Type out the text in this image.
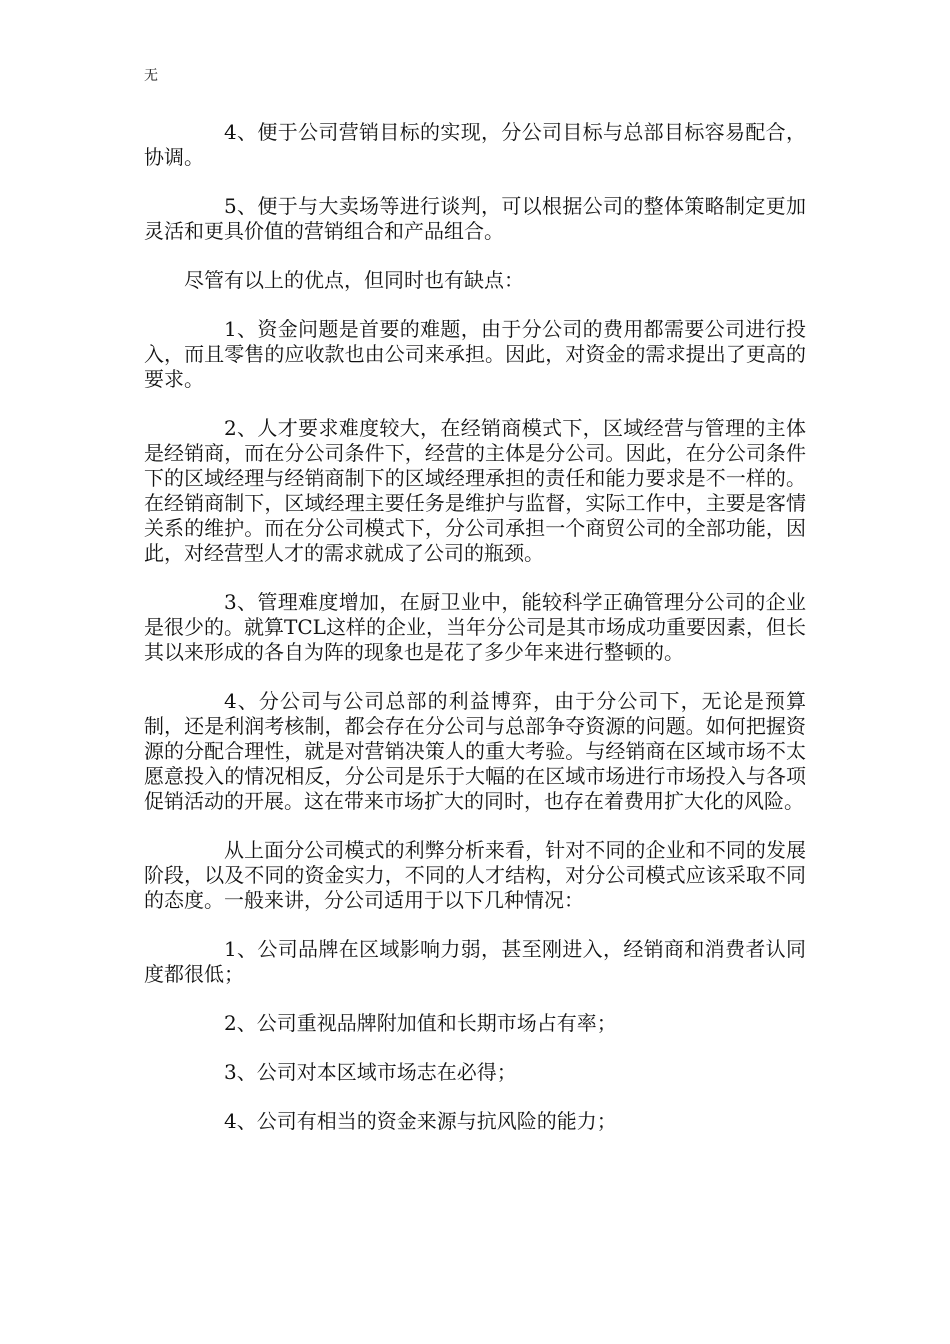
无

4、便于公司营销目标的实现，分公司目标与总部目标容易配合，协调。

5、便于与大卖场等进行谈判，可以根据公司的整体策略制定更加灵活和更具价值的营销组合和产品组合。

尽管有以上的优点，但同时也有缺点：

1、资金问题是首要的难题，由于分公司的费用都需要公司进行投入，而且零售的应收款也由公司来承担。因此，对资金的需求提出了更高的要求。

2、人才要求难度较大，在经销商模式下，区域经营与管理的主体是经销商，而在分公司条件下，经营的主体是分公司。因此，在分公司条件下的区域经理与经销商制下的区域经理承担的责任和能力要求是不一样的。在经销商制下，区域经理主要任务是维护与监督，实际工作中，主要是客情关系的维护。而在分公司模式下，分公司承担一个商贸公司的全部功能，因此，对经营型人才的需求就成了公司的瓶颈。

3、管理难度增加，在厨卫业中，能较科学正确管理分公司的企业是很少的。就算TCL这样的企业，当年分公司是其市场成功重要因素，但长其以来形成的各自为阵的现象也是花了多少年来进行整顿的。

4、分公司与公司总部的利益博弈，由于分公司下，无论是预算制，还是利润考核制，都会存在分公司与总部争夺资源的问题。如何把握资源的分配合理性，就是对营销决策人的重大考验。与经销商在区域市场不太愿意投入的情况相反，分公司是乐于大幅的在区域市场进行市场投入与各项促销活动的开展。这在带来市场扩大的同时，也存在着费用扩大化的风险。

从上面分公司模式的利弊分析来看，针对不同的企业和不同的发展阶段，以及不同的资金实力，不同的人才结构，对分公司模式应该采取不同的态度。一般来讲，分公司适用于以下几种情况：

1、公司品牌在区域影响力弱，甚至刚进入，经销商和消费者认同度都很低；

2、公司重视品牌附加值和长期市场占有率；

3、公司对本区域市场志在必得；

4、公司有相当的资金来源与抗风险的能力；
